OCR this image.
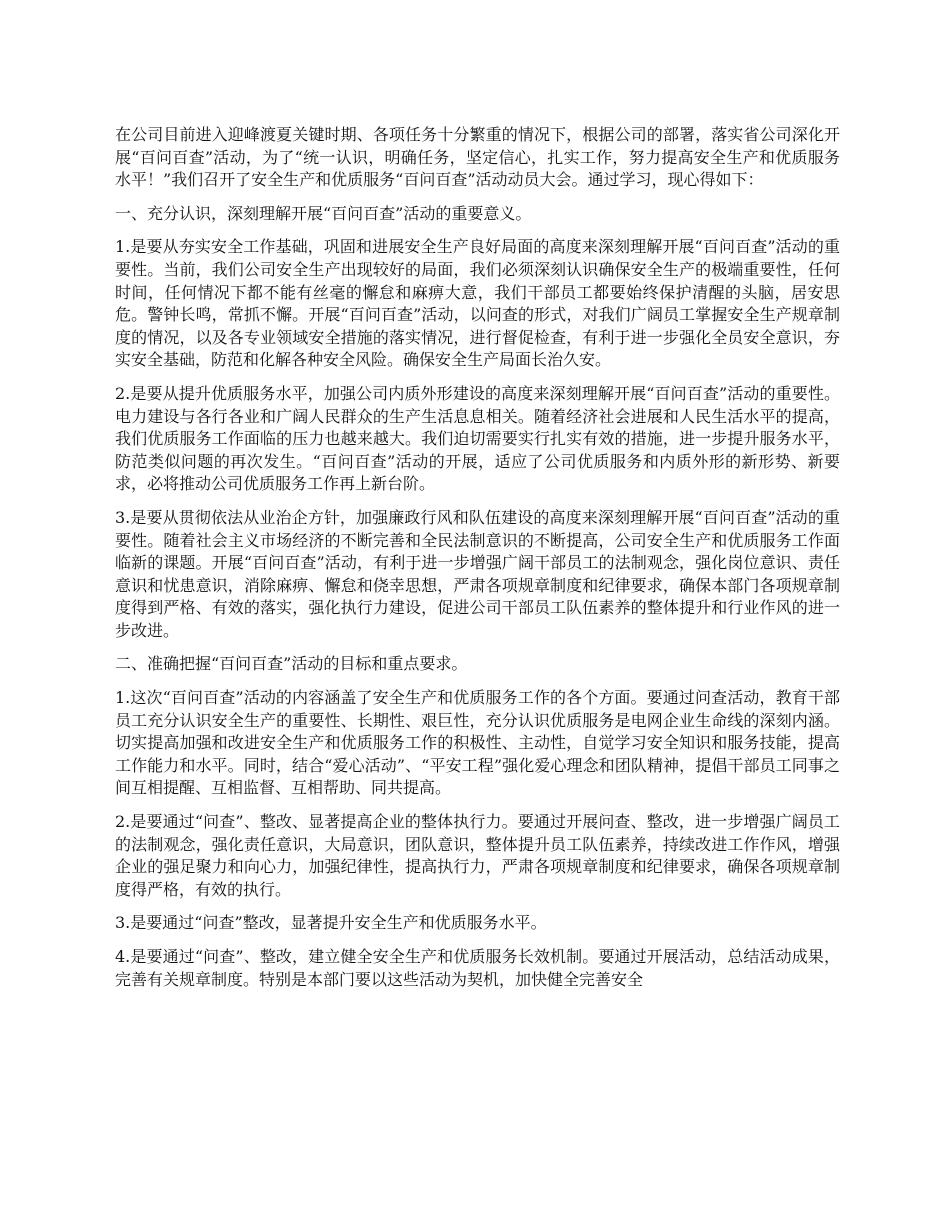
在公司目前进入迎峰渡夏关键时期、各项任务十分繁重的情况下，根据公司的部署，落实省公司深化开展“百问百查”活动，为了“统一认识，明确任务，坚定信心，扎实工作，努力提高安全生产和优质服务水平！”我们召开了安全生产和优质服务“百问百查”活动动员大会。通过学习，现心得如下：

一、充分认识，深刻理解开展“百问百查”活动的重要意义。

1.是要从夯实安全工作基础，巩固和进展安全生产良好局面的高度来深刻理解开展“百问百查”活动的重要性。当前，我们公司安全生产出现较好的局面，我们必须深刻认识确保安全生产的极端重要性，任何时间，任何情况下都不能有丝毫的懈怠和麻痹大意，我们干部员工都要始终保护清醒的头脑，居安思危。警钟长鸣，常抓不懈。开展“百问百查”活动，以问查的形式，对我们广阔员工掌握安全生产规章制度的情况，以及各专业领域安全措施的落实情况，进行督促检查，有利于进一步强化全员安全意识，夯实安全基础，防范和化解各种安全风险。确保安全生产局面长治久安。

2.是要从提升优质服务水平，加强公司内质外形建设的高度来深刻理解开展“百问百查”活动的重要性。电力建设与各行各业和广阔人民群众的生产生活息息相关。随着经济社会进展和人民生活水平的提高，我们优质服务工作面临的压力也越来越大。我们迫切需要实行扎实有效的措施，进一步提升服务水平，防范类似问题的再次发生。“百问百查”活动的开展，适应了公司优质服务和内质外形的新形势、新要求，必将推动公司优质服务工作再上新台阶。

3.是要从贯彻依法从业治企方针，加强廉政行风和队伍建设的高度来深刻理解开展“百问百查”活动的重要性。随着社会主义市场经济的不断完善和全民法制意识的不断提高，公司安全生产和优质服务工作面临新的课题。开展“百问百查”活动，有利于进一步增强广阔干部员工的法制观念，强化岗位意识、责任意识和忧患意识，消除麻痹、懈怠和侥幸思想，严肃各项规章制度和纪律要求，确保本部门各项规章制度得到严格、有效的落实，强化执行力建设，促进公司干部员工队伍素养的整体提升和行业作风的进一步改进。

二、准确把握“百问百查”活动的目标和重点要求。

1.这次“百问百查”活动的内容涵盖了安全生产和优质服务工作的各个方面。要通过问查活动，教育干部员工充分认识安全生产的重要性、长期性、艰巨性，充分认识优质服务是电网企业生命线的深刻内涵。切实提高加强和改进安全生产和优质服务工作的积极性、主动性，自觉学习安全知识和服务技能，提高工作能力和水平。同时，结合“爱心活动”、“平安工程”强化爱心理念和团队精神，提倡干部员工同事之间互相提醒、互相监督、互相帮助、同共提高。

2.是要通过“问查”、整改、显著提高企业的整体执行力。要通过开展问查、整改，进一步增强广阔员工的法制观念，强化责任意识，大局意识，团队意识，整体提升员工队伍素养，持续改进工作作风，增强企业的强足聚力和向心力，加强纪律性，提高执行力，严肃各项规章制度和纪律要求，确保各项规章制度得严格，有效的执行。

3.是要通过“问查”整改，显著提升安全生产和优质服务水平。

4.是要通过“问查”、整改，建立健全安全生产和优质服务长效机制。要通过开展活动，总结活动成果，完善有关规章制度。特别是本部门要以这些活动为契机，加快健全完善安全
